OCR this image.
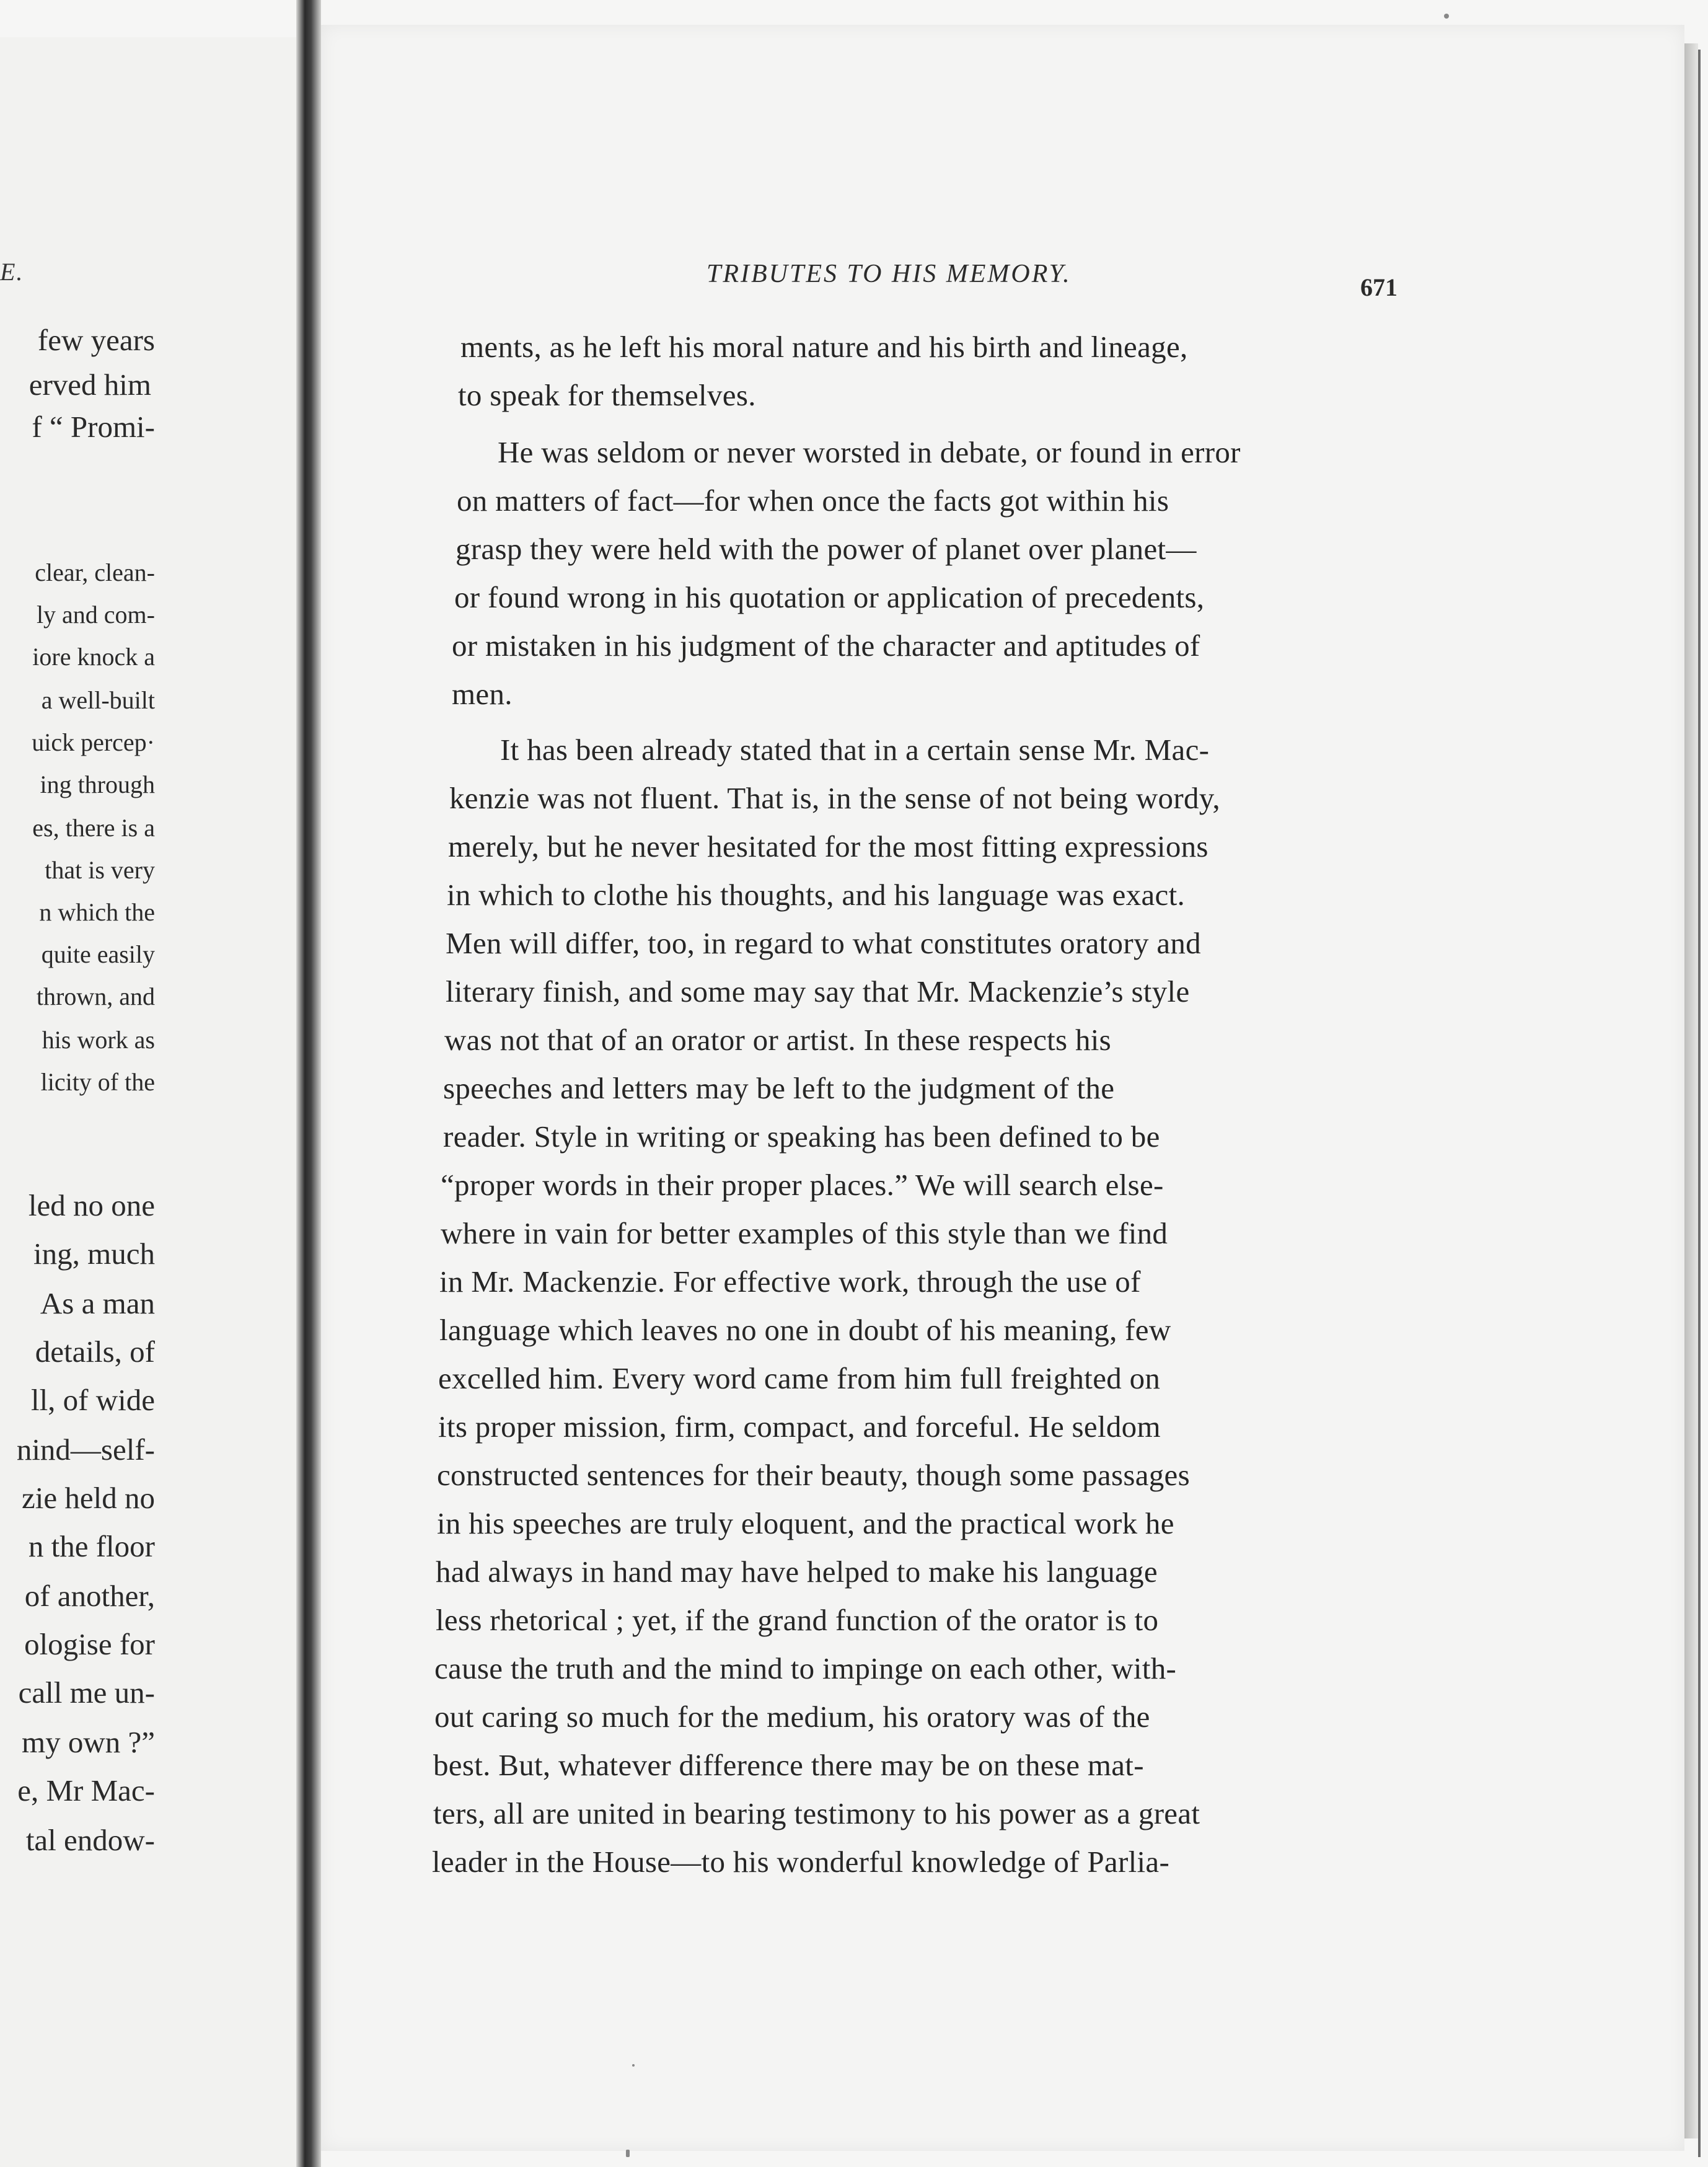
E.
few years
erved him
f “ Promi-
clear, clean-
ly and com-
iore knock a
a well-built
uick percep·
ing through
es, there is a
that is very
n which the
quite easily
thrown, and
his work as
licity of the
led no one
ing, much
As a man
details, of
ll, of wide
nind—self-
zie held no
n the floor
of another,
ologise for
call me un-
my own ?”
e, Mr Mac-
tal endow-
TRIBUTES TO HIS MEMORY.	671
ments, as he left his moral nature and his birth and lineage,
to speak for themselves.
He was seldom or never worsted in debate, or found in error
on matters of fact—for when once the facts got within his
grasp they were held with the power of planet over planet—
or found wrong in his quotation or application of precedents,
or mistaken in his judgment of the character and aptitudes of
men.
It has been already stated that in a certain sense Mr. Mac-
kenzie was not fluent. That is, in the sense of not being wordy,
merely, but he never hesitated for the most fitting expressions
in which to clothe his thoughts, and his language was exact.
Men will differ, too, in regard to what constitutes oratory and
literary finish, and some may say that Mr. Mackenzie’s style
was not that of an orator or artist. In these respects his
speeches and letters may be left to the judgment of the
reader. Style in writing or speaking has been defined to be
“proper words in their proper places.” We will search else-
where in vain for better examples of this style than we find
in Mr. Mackenzie. For effective work, through the use of
language which leaves no one in doubt of his meaning, few
excelled him. Every word came from him full freighted on
its proper mission, firm, compact, and forceful. He seldom
constructed sentences for their beauty, though some passages
in his speeches are truly eloquent, and the practical work he
had always in hand may have helped to make his language
less rhetorical ; yet, if the grand function of the orator is to
cause the truth and the mind to impinge on each other, with-
out caring so much for the medium, his oratory was of the
best. But, whatever difference there may be on these mat-
ters, all are united in bearing testimony to his power as a great
leader in the House—to his wonderful knowledge of Parlia-
